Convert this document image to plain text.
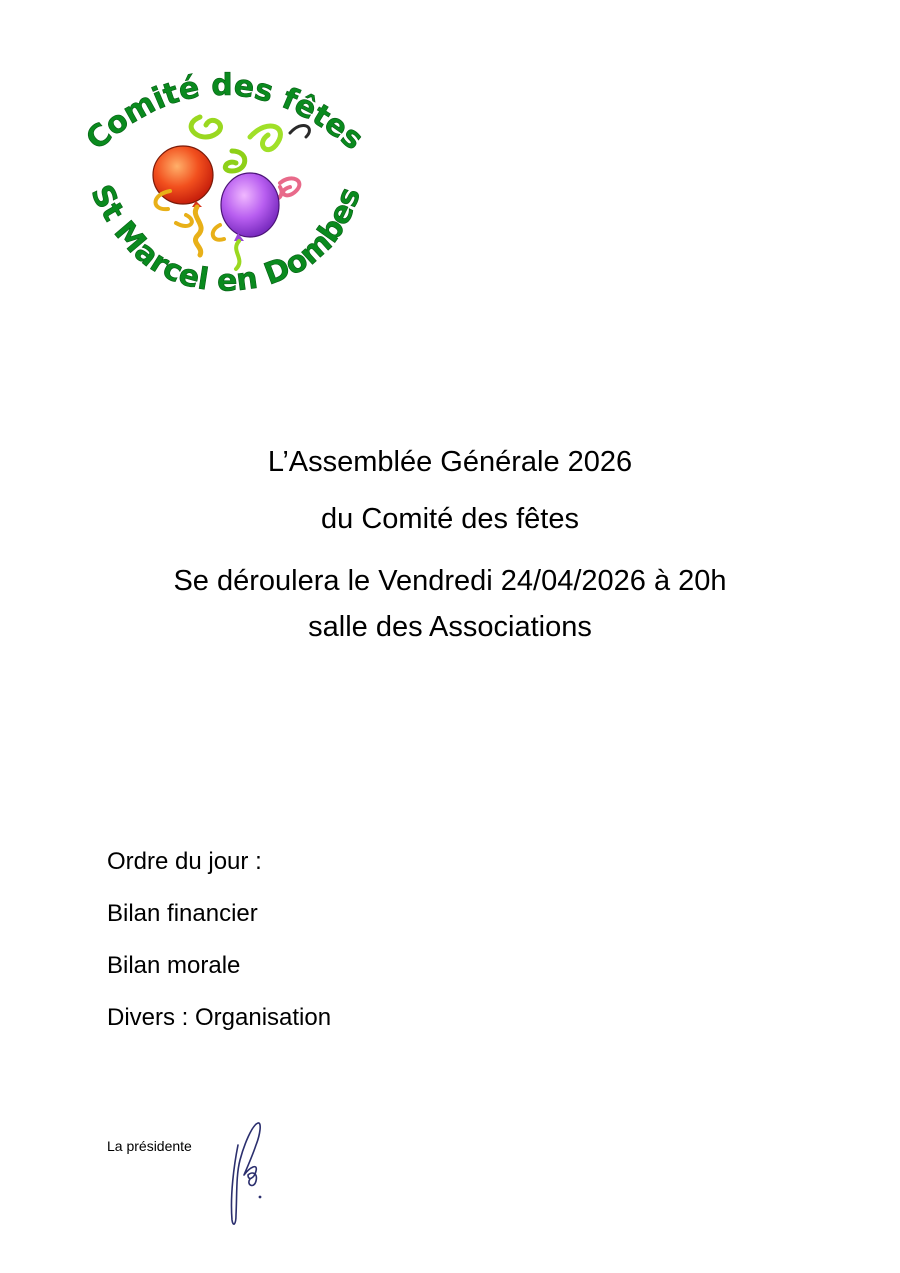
Comité des fêtes
St Marcel en Dombes
L’Assemblée Générale 2026
du Comité des fêtes
Se déroulera le Vendredi 24/04/2026 à 20h
salle des Associations
Ordre du jour :
Bilan financier
Bilan morale
Divers : Organisation
La présidente
